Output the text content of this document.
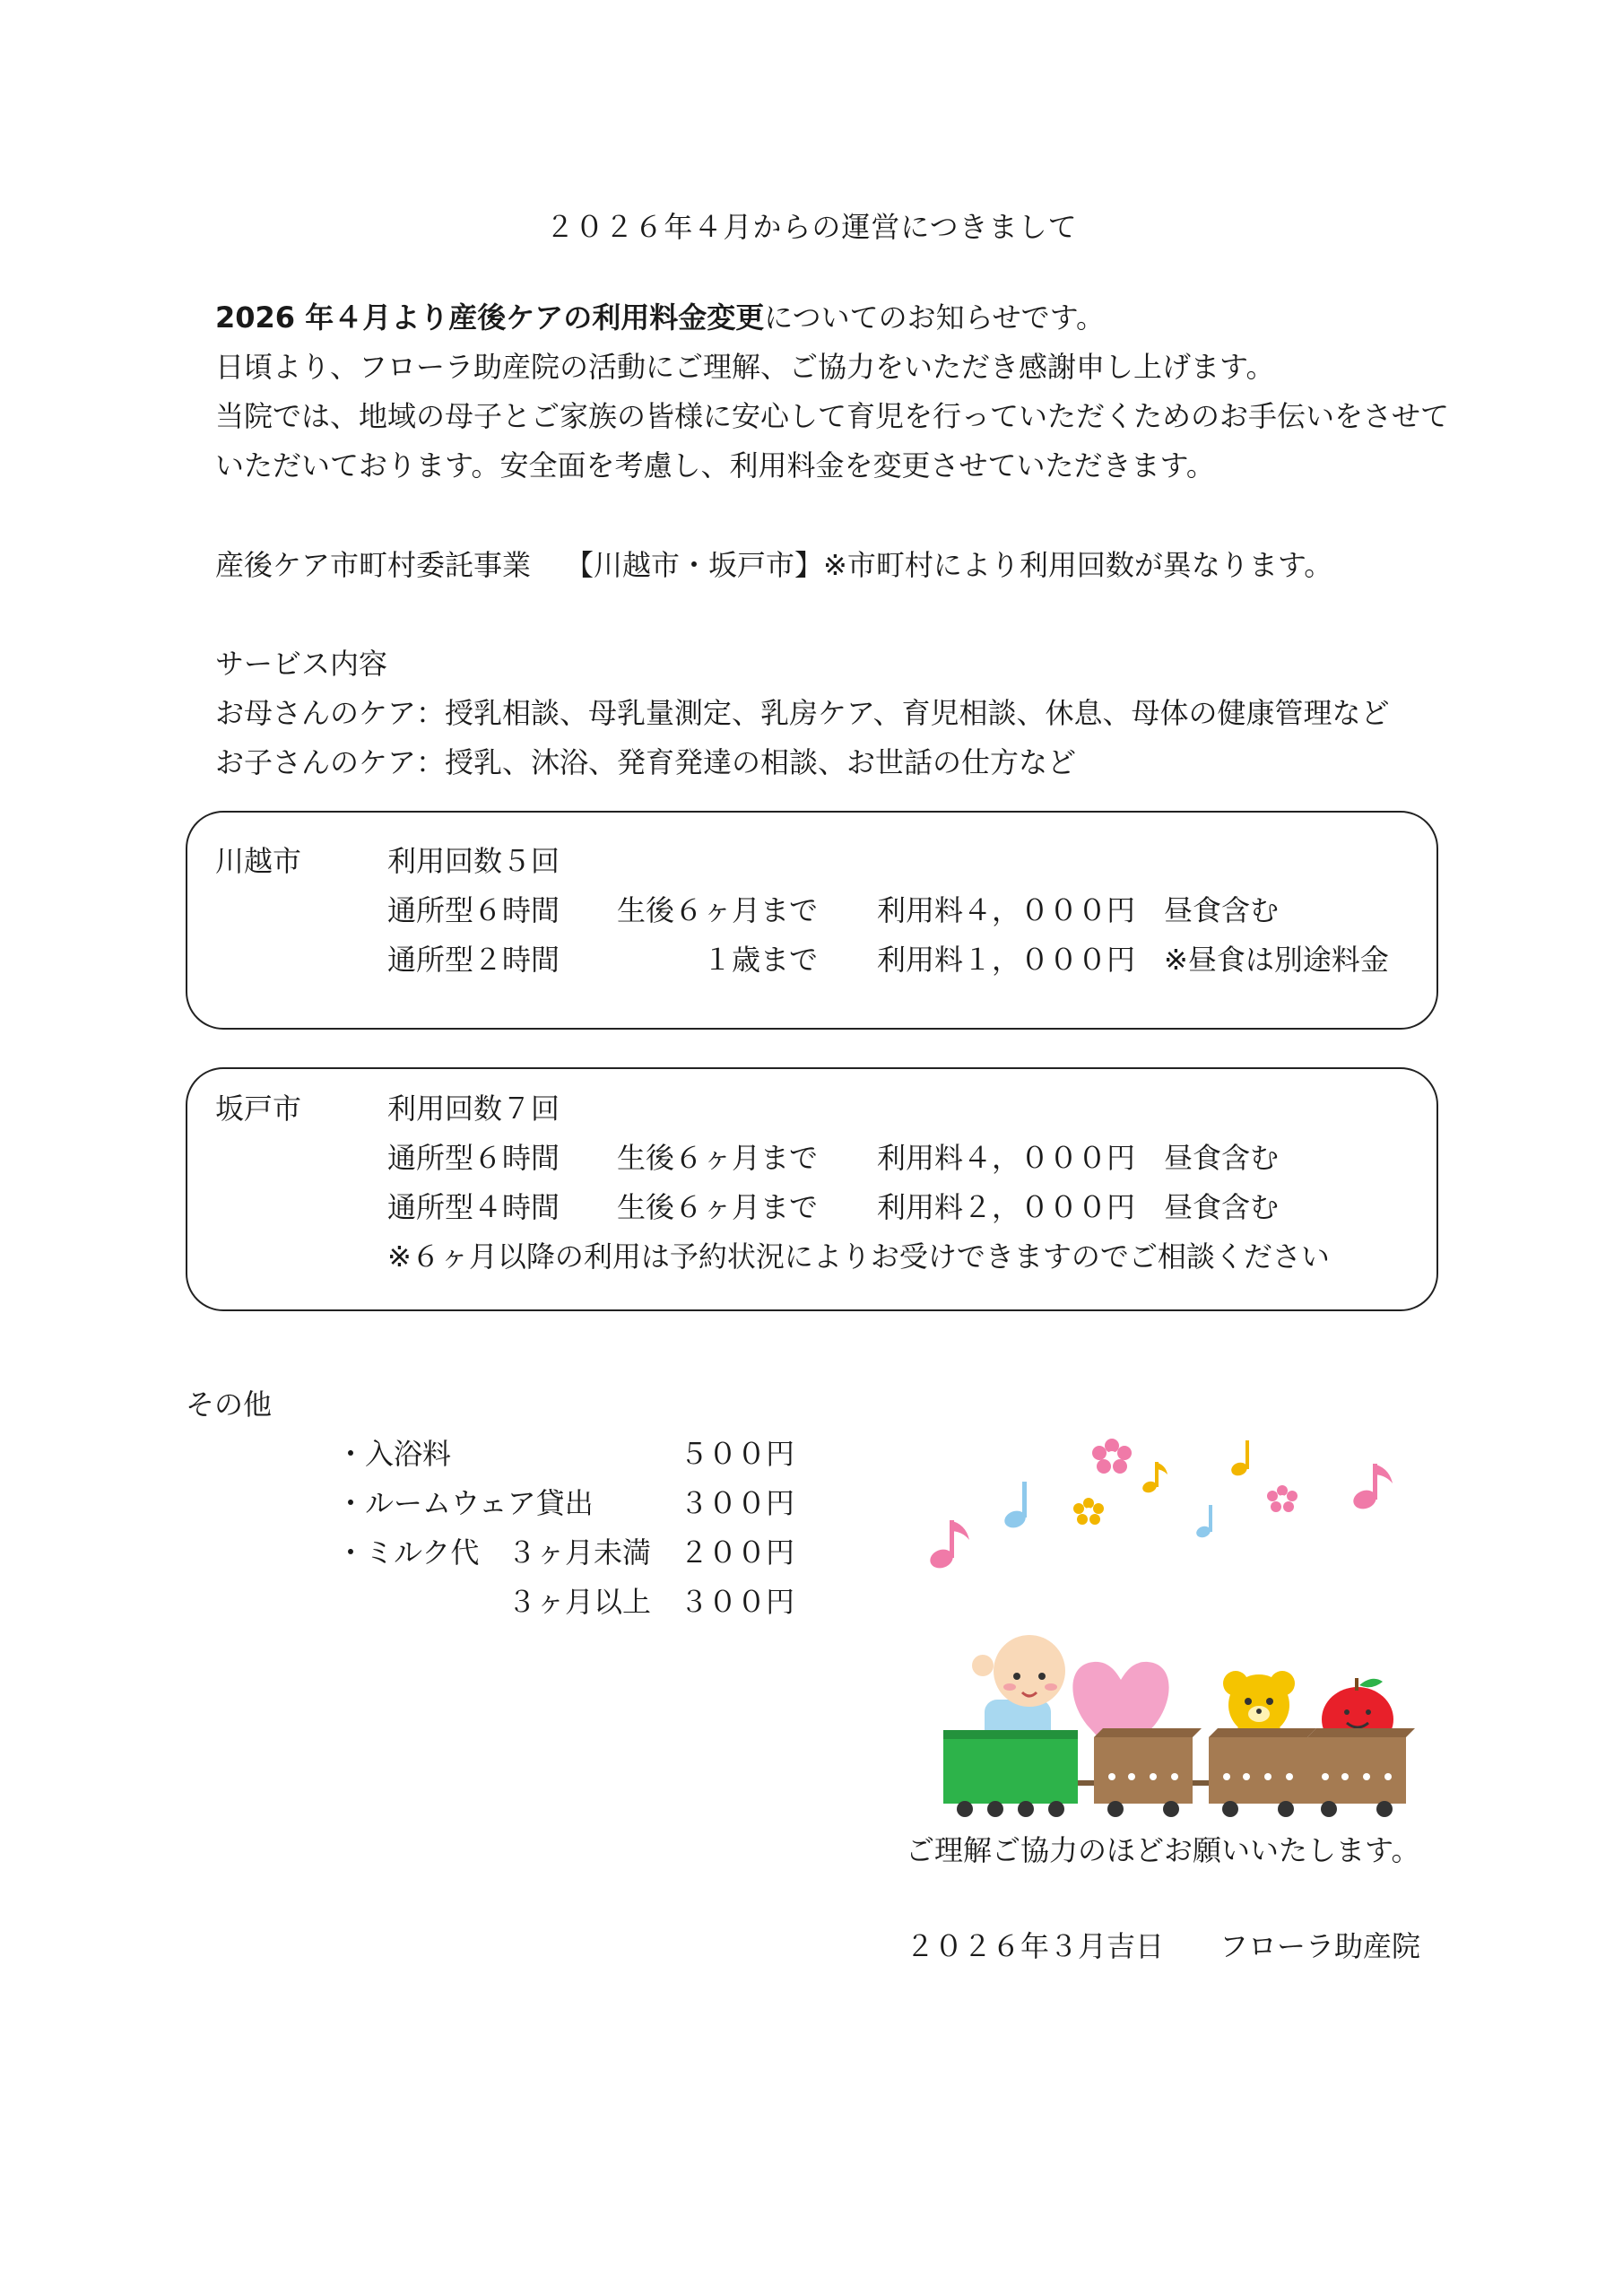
２０２６年４月からの運営につきまして
2026 年４月より産後ケアの利用料金変更についてのお知らせです。
日頃より、フローラ助産院の活動にご理解、ご協力をいただき感謝申し上げます。
当院では、地域の母子とご家族の皆様に安心して育児を行っていただくためのお手伝いをさせて
いただいております。安全面を考慮し、利用料金を変更させていただきます。
産後ケア市町村委託事業 【川越市・坂戸市】※市町村により利用回数が異なります。
サービス内容
お母さんのケア：授乳相談、母乳量測定、乳房ケア、育児相談、休息、母体の健康管理など
お子さんのケア：授乳、沐浴、発育発達の相談、お世話の仕方など
川越市	利用回数５回
通所型６時間	生後６ヶ月まで 利用料４，０００円 昼食含む
通所型２時間	１歳まで 利用料１，０００円 ※昼食は別途料金
坂戸市	利用回数７回
通所型６時間	生後６ヶ月まで 利用料４，０００円 昼食含む
通所型４時間	生後６ヶ月まで 利用料２，０００円 昼食含む
※６ヶ月以降の利用は予約状況によりお受けできますのでご相談ください
その他
・入浴料	５００円
・ルームウェア貸出	３００円
・ミルク代 ３ヶ月未満 ２００円
３ヶ月以上 ３００円
ご理解ご協力のほどお願いいたします。
２０２６年３月吉日 フローラ助産院
